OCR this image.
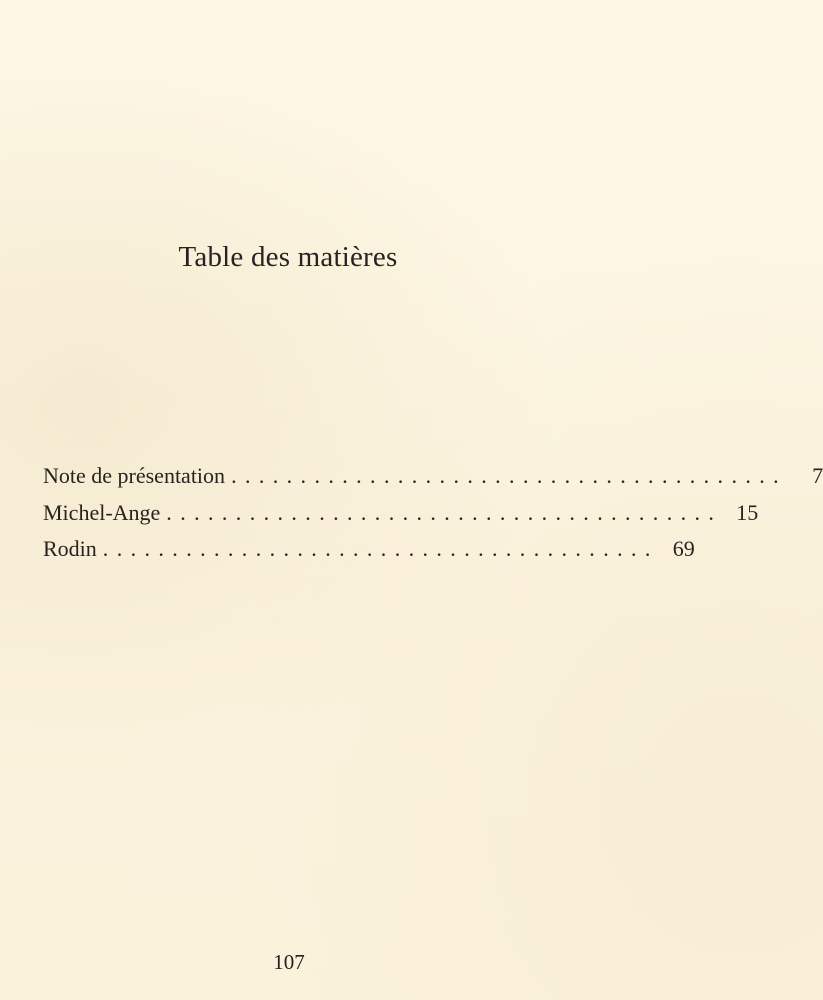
Table des matières
Note de présentation ........................................	7
Michel-Ange ........................................ 15
Rodin ........................................ 69

107
